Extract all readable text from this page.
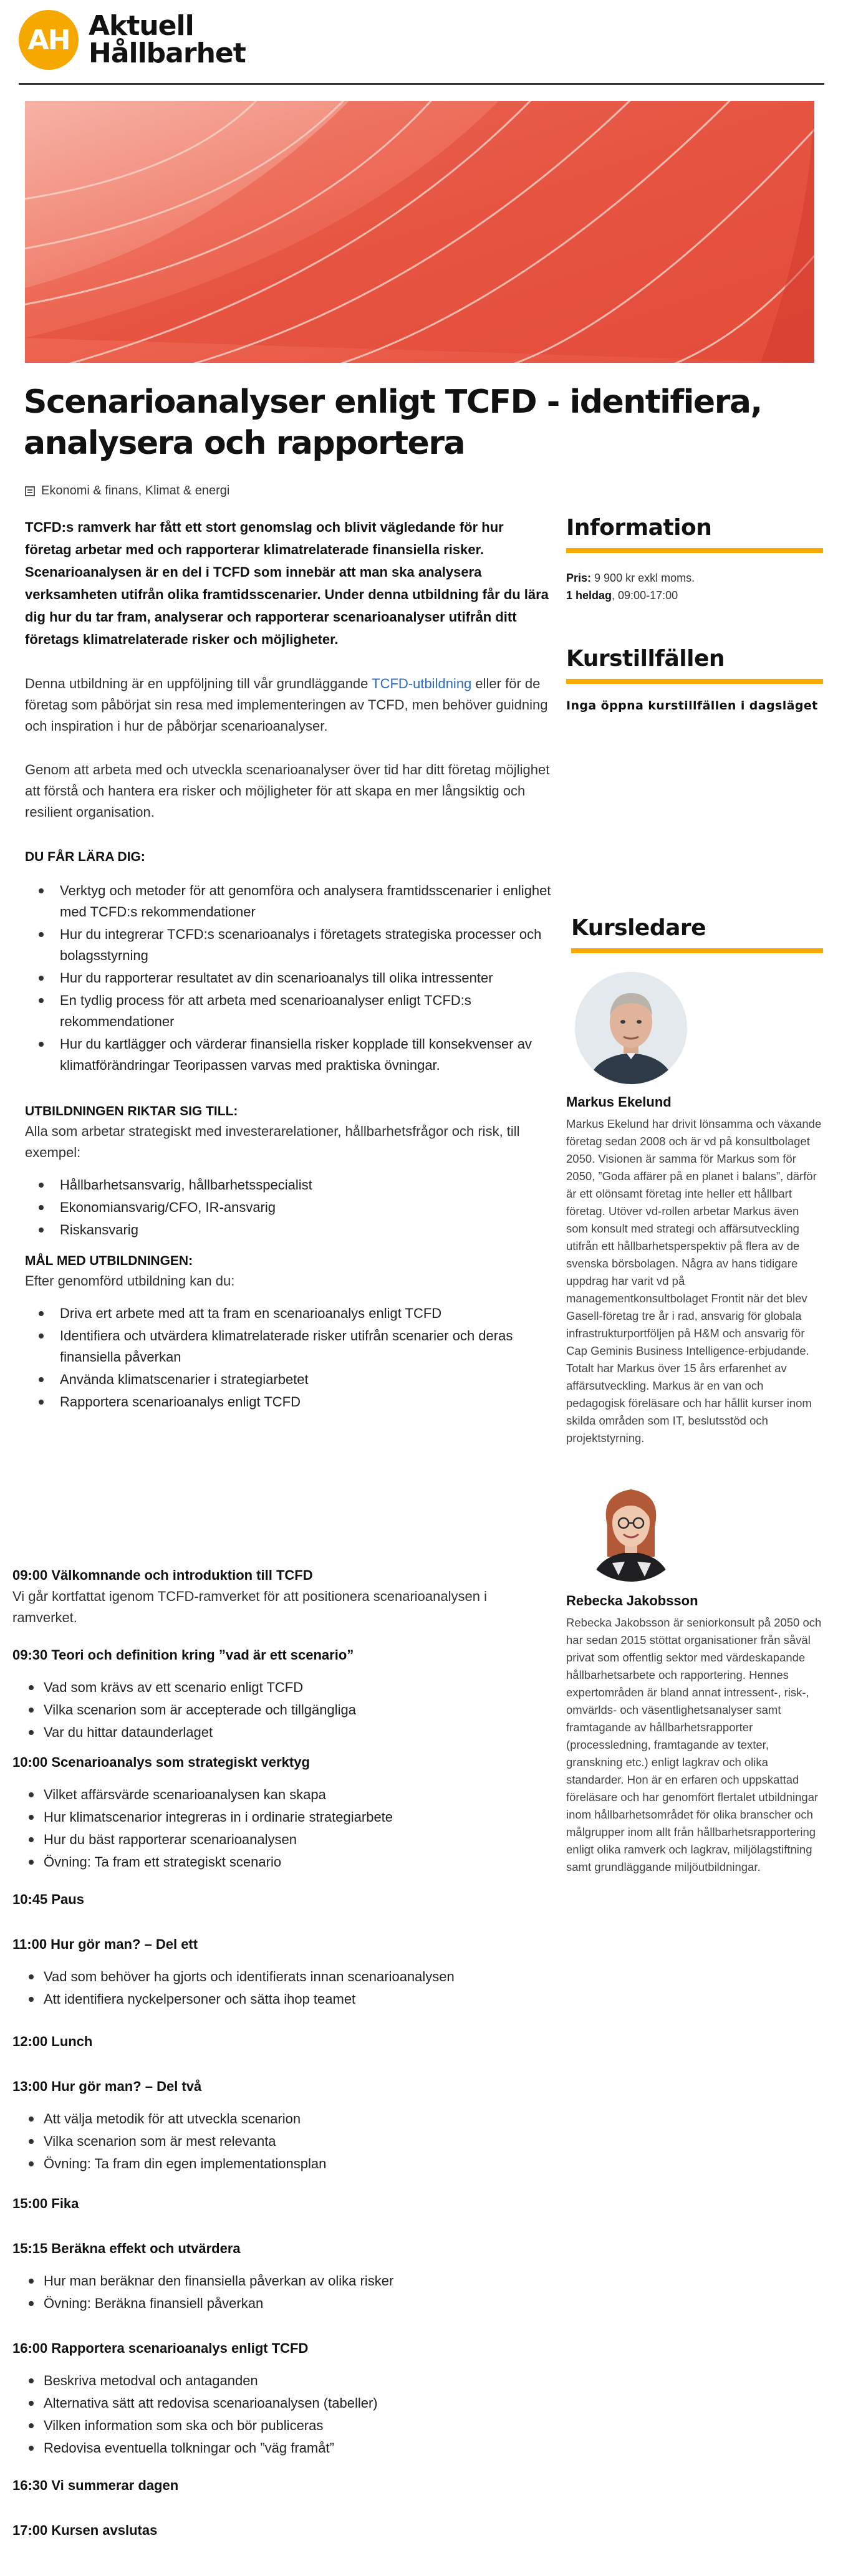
AH Aktuell
Hållbarhet
Scenarioanalyser enligt TCFD - identifiera, analysera och rapportera
Ekonomi & finans, Klimat & energi

TCFD:s ramverk har fått ett stort genomslag och blivit vägledande för hur företag arbetar med och rapporterar klimatrelaterade finansiella risker. Scenarioanalysen är en del i TCFD som innebär att man ska analysera verksamheten utifrån olika framtidsscenarier. Under denna utbildning får du lära dig hur du tar fram, analyserar och rapporterar scenarioanalyser utifrån ditt företags klimatrelaterade risker och möjligheter.

Denna utbildning är en uppföljning till vår grundläggande TCFD-utbildning eller för de företag som påbörjat sin resa med implementeringen av TCFD, men behöver guidning och inspiration i hur de påbörjar scenarioanalyser.

Genom att arbeta med och utveckla scenarioanalyser över tid har ditt företag möjlighet att förstå och hantera era risker och möjligheter för att skapa en mer långsiktig och resilient organisation.

DU FÅR LÄRA DIG:
Verktyg och metoder för att genomföra och analysera framtidsscenarier i enlighet med TCFD:s rekommendationer
Hur du integrerar TCFD:s scenarioanalys i företagets strategiska processer och bolagsstyrning
Hur du rapporterar resultatet av din scenarioanalys till olika intressenter
En tydlig process för att arbeta med scenarioanalyser enligt TCFD:s rekommendationer
Hur du kartlägger och värderar finansiella risker kopplade till konsekvenser av klimatförändringar Teoripassen varvas med praktiska övningar.
UTBILDNINGEN RIKTAR SIG TILL:

Alla som arbetar strategiskt med investerarelationer, hållbarhetsfrågor och risk, till exempel:

Hållbarhetsansvarig, hållbarhetsspecialist
Ekonomiansvarig/CFO, IR-ansvarig
Riskansvarig
MÅL MED UTBILDNINGEN:

Efter genomförd utbildning kan du:

Driva ert arbete med att ta fram en scenarioanalys enligt TCFD
Identifiera och utvärdera klimatrelaterade risker utifrån scenarier och deras finansiella påverkan
Använda klimatscenarier i strategiarbetet
Rapportera scenarioanalys enligt TCFD
09:00 Välkomnande och introduktion till TCFD

Vi går kortfattat igenom TCFD-ramverket för att positionera scenarioanalysen i ramverket.

09:30 Teori och definition kring ”vad är ett scenario”
Vad som krävs av ett scenario enligt TCFD
Vilka scenarion som är accepterade och tillgängliga
Var du hittar dataunderlaget
10:00 Scenarioanalys som strategiskt verktyg
Vilket affärsvärde scenarioanalysen kan skapa
Hur klimatscenarior integreras in i ordinarie strategiarbete
Hur du bäst rapporterar scenarioanalysen
Övning: Ta fram ett strategiskt scenario
10:45 Paus
11:00 Hur gör man? – Del ett
Vad som behöver ha gjorts och identifierats innan scenarioanalysen
Att identifiera nyckelpersoner och sätta ihop teamet
12:00 Lunch
13:00 Hur gör man? – Del två
Att välja metodik för att utveckla scenarion
Vilka scenarion som är mest relevanta
Övning: Ta fram din egen implementationsplan
15:00 Fika
15:15 Beräkna effekt och utvärdera
Hur man beräknar den finansiella påverkan av olika risker
Övning: Beräkna finansiell påverkan
16:00 Rapportera scenarioanalys enligt TCFD
Beskriva metodval och antaganden
Alternativa sätt att redovisa scenarioanalysen (tabeller)
Vilken information som ska och bör publiceras
Redovisa eventuella tolkningar och ”väg framåt”
16:30 Vi summerar dagen
17:00 Kursen avslutas
Information
Pris: 9 900 kr exkl moms.
1 heldag, 09:00-17:00
Kurstillfällen
Inga öppna kurstillfällen i dagsläget
Kursledare
Markus Ekelund

Markus Ekelund har drivit lönsamma och växande företag sedan 2008 och är vd på konsultbolaget 2050. Visionen är samma för Markus som för 2050, ”Goda affärer på en planet i balans”, därför är ett olönsamt företag inte heller ett hållbart företag. Utöver vd-rollen arbetar Markus även som konsult med strategi och affärsutveckling utifrån ett hållbarhetsperspektiv på flera av de svenska börsbolagen. Några av hans tidigare uppdrag har varit vd på managementkonsultbolaget Frontit när det blev Gasell-företag tre år i rad, ansvarig för globala infrastrukturportföljen på H&M och ansvarig för Cap Geminis Business Intelligence-erbjudande. Totalt har Markus över 15 års erfarenhet av affärsutveckling. Markus är en van och pedagogisk föreläsare och har hållit kurser inom skilda områden som IT, beslutsstöd och projektstyrning.

Rebecka Jakobsson

Rebecka Jakobsson är seniorkonsult på 2050 och har sedan 2015 stöttat organisationer från såväl privat som offentlig sektor med värdeskapande hållbarhetsarbete och rapportering. Hennes expertområden är bland annat intressent-, risk-, omvärlds- och väsentlighetsanalyser samt framtagande av hållbarhetsrapporter (processledning, framtagande av texter, granskning etc.) enligt lagkrav och olika standarder. Hon är en erfaren och uppskattad föreläsare och har genomfört flertalet utbildningar inom hållbarhetsområdet för olika branscher och målgrupper inom allt från hållbarhetsrapportering enligt olika ramverk och lagkrav, miljölagstiftning samt grundläggande miljöutbildningar.
